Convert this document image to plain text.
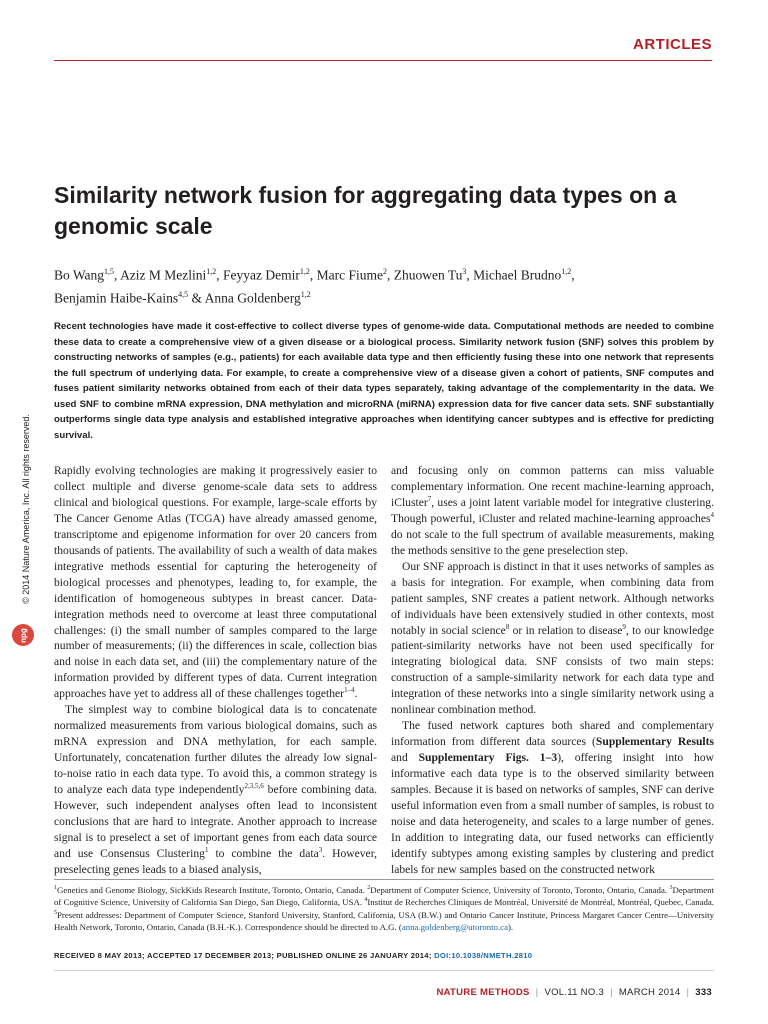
ARTICLES
Similarity network fusion for aggregating data types on a genomic scale
Bo Wang$^{1,5}$, Aziz M Mezlini$^{1,2}$, Feyyaz Demir$^{1,2}$, Marc Fiume$^2$, Zhuowen Tu$^3$, Michael Brudno$^{1,2}$,
Benjamin Haibe-Kains$^{4,5}$ & Anna Goldenberg$^{1,2}$
Recent technologies have made it cost-effective to collect diverse types of genome-wide data. Computational methods are needed to combine these data to create a comprehensive view of a given disease or a biological process. Similarity network fusion (SNF) solves this problem by constructing networks of samples (e.g., patients) for each available data type and then efficiently fusing these into one network that represents the full spectrum of underlying data. For example, to create a comprehensive view of a disease given a cohort of patients, SNF computes and fuses patient similarity networks obtained from each of their data types separately, taking advantage of the complementarity in the data. We used SNF to combine mRNA expression, DNA methylation and microRNA (miRNA) expression data for five cancer data sets. SNF substantially outperforms single data type analysis and established integrative approaches when identifying cancer subtypes and is effective for predicting survival.
© 2014 Nature America, Inc. All rights reserved.
npg

Rapidly evolving technologies are making it progressively easier to collect multiple and diverse genome-scale data sets to address clinical and biological questions. For example, large-scale efforts by The Cancer Genome Atlas (TCGA) have already amassed genome, transcriptome and epigenome information for over 20 cancers from thousands of patients. The availability of such a wealth of data makes integrative methods essential for capturing the heterogeneity of biological processes and phenotypes, leading to, for example, the identification of homogeneous subtypes in breast cancer. Data-integration methods need to overcome at least three computational challenges: (i) the small number of samples compared to the large number of measurements; (ii) the differences in scale, collection bias and noise in each data set, and (iii) the complementary nature of the information provided by different types of data. Current integration approaches have yet to address all of these challenges together$^{1-4}$.

The simplest way to combine biological data is to concatenate normalized measurements from various biological domains, such as mRNA expression and DNA methylation, for each sample. Unfortunately, concatenation further dilutes the already low signal-to-noise ratio in each data type. To avoid this, a common strategy is to analyze each data type independently$^{2,3,5,6}$ before combining data. However, such independent analyses often lead to inconsistent conclusions that are hard to integrate. Another approach to increase signal is to preselect a set of important genes from each data source and use Consensus Clustering$^1$ to combine the data$^3$. However, preselecting genes leads to a biased analysis,

and focusing only on common patterns can miss valuable complementary information. One recent machine-learning approach, iCluster$^7$, uses a joint latent variable model for integrative clustering. Though powerful, iCluster and related machine-learning approaches$^4$ do not scale to the full spectrum of available measurements, making the methods sensitive to the gene preselection step.

Our SNF approach is distinct in that it uses networks of samples as a basis for integration. For example, when combining data from patient samples, SNF creates a patient network. Although networks of individuals have been extensively studied in other contexts, most notably in social science$^8$ or in relation to disease$^9$, to our knowledge patient-similarity networks have not been used specifically for integrating biological data. SNF consists of two main steps: construction of a sample-similarity network for each data type and integration of these networks into a single similarity network using a nonlinear combination method.

The fused network captures both shared and complementary information from different data sources (Supplementary Results and Supplementary Figs. 1–3), offering insight into how informative each data type is to the observed similarity between samples. Because it is based on networks of samples, SNF can derive useful information even from a small number of samples, is robust to noise and data heterogeneity, and scales to a large number of genes. In addition to integrating data, our fused networks can efficiently identify subtypes among existing samples by clustering and predict labels for new samples based on the constructed network

$^1$Genetics and Genome Biology, SickKids Research Institute, Toronto, Ontario, Canada. $^2$Department of Computer Science, University of Toronto, Toronto, Ontario, Canada. $^3$Department of Cognitive Science, University of California San Diego, San Diego, California, USA. $^4$Institut de Recherches Cliniques de Montréal, Université de Montréal, Montréal, Quebec, Canada. $^5$Present addresses: Department of Computer Science, Stanford University, Stanford, California, USA (B.W.) and Ontario Cancer Institute, Princess Margaret Cancer Centre—University Health Network, Toronto, Ontario, Canada (B.H.-K.). Correspondence should be directed to A.G. (anna.goldenberg@utoronto.ca).
RECEIVED 8 MAY 2013; ACCEPTED 17 DECEMBER 2013; PUBLISHED ONLINE 26 JANUARY 2014; DOI:10.1038/NMETH.2810
NATURE METHODS | VOL.11 NO.3 | MARCH 2014 | 333
